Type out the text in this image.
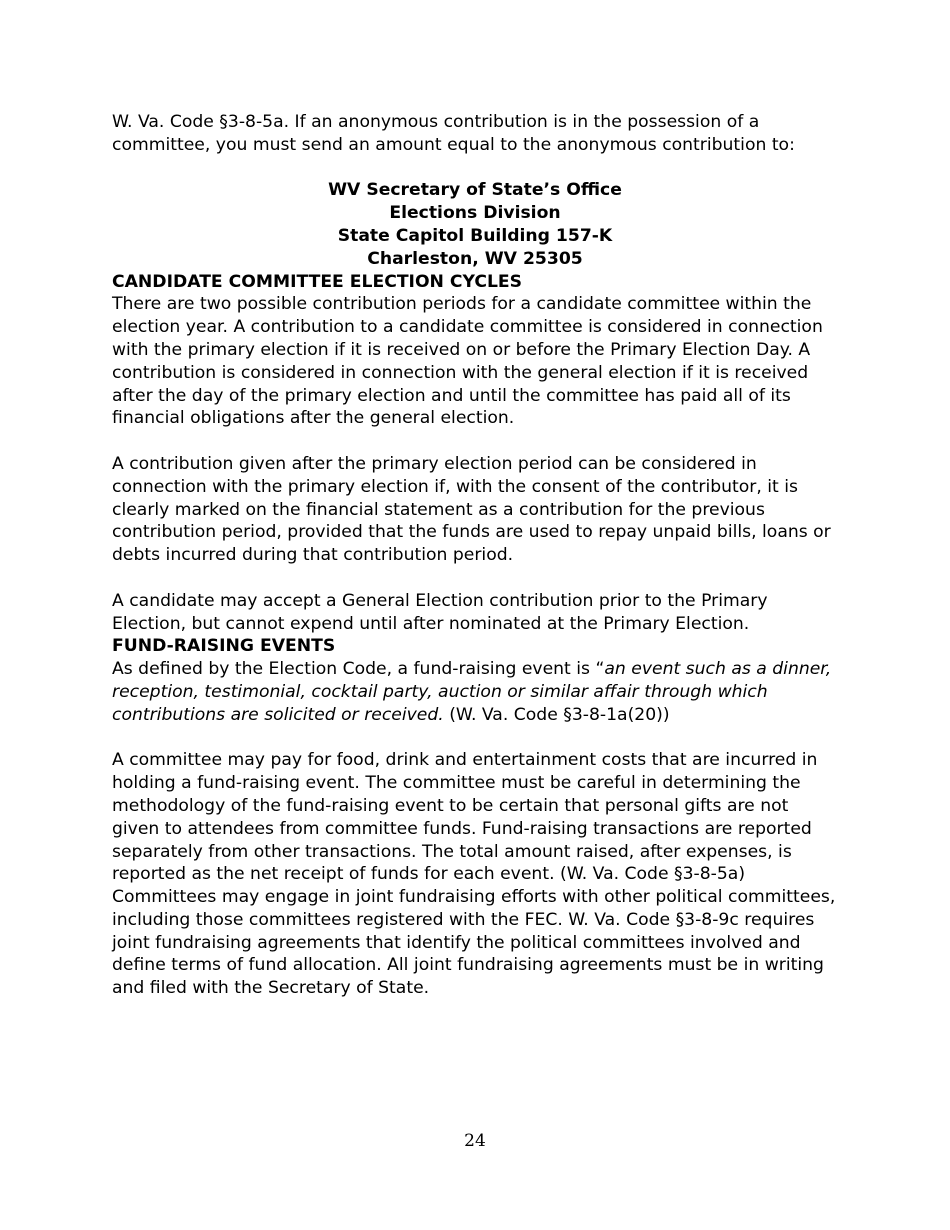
W. Va. Code §3-8-5a. If an anonymous contribution is in the possession of a committee, you must send an amount equal to the anonymous contribution to:

WV Secretary of State’s Office
Elections Division
State Capitol Building 157-K
Charleston, WV 25305

CANDIDATE COMMITTEE ELECTION CYCLES

There are two possible contribution periods for a candidate committee within the election year. A contribution to a candidate committee is considered in connection with the primary election if it is received on or before the Primary Election Day. A contribution is considered in connection with the general election if it is received after the day of the primary election and until the committee has paid all of its financial obligations after the general election.

A contribution given after the primary election period can be considered in connection with the primary election if, with the consent of the contributor, it is clearly marked on the financial statement as a contribution for the previous contribution period, provided that the funds are used to repay unpaid bills, loans or debts incurred during that contribution period.

A candidate may accept a General Election contribution prior to the Primary Election, but cannot expend until after nominated at the Primary Election.

FUND-RAISING EVENTS

As defined by the Election Code, a fund-raising event is “an event such as a dinner, reception, testimonial, cocktail party, auction or similar affair through which contributions are solicited or received. (W. Va. Code §3-8-1a(20))

A committee may pay for food, drink and entertainment costs that are incurred in holding a fund-raising event. The committee must be careful in determining the methodology of the fund-raising event to be certain that personal gifts are not given to attendees from committee funds. Fund-raising transactions are reported separately from other transactions. The total amount raised, after expenses, is reported as the net receipt of funds for each event. (W. Va. Code §3-8-5a)

Committees may engage in joint fundraising efforts with other political committees, including those committees registered with the FEC. W. Va. Code §3-8-9c requires joint fundraising agreements that identify the political committees involved and define terms of fund allocation. All joint fundraising agreements must be in writing and filed with the Secretary of State.

24
